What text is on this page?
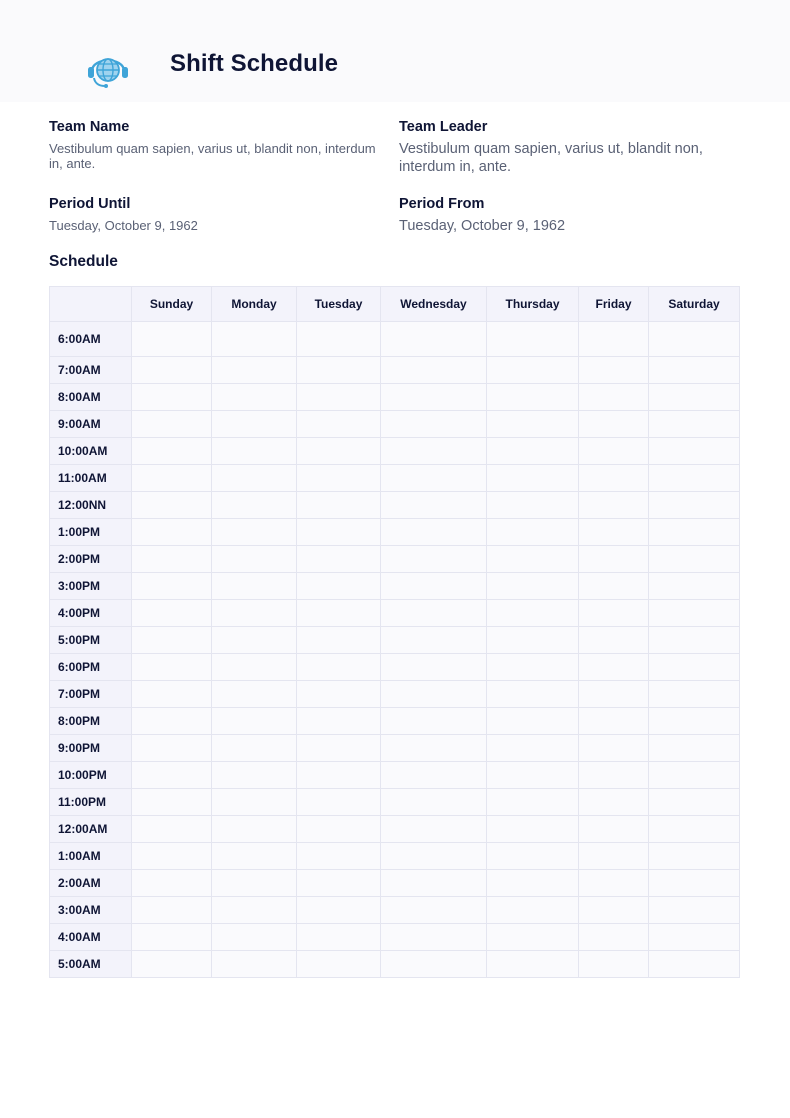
Shift Schedule

Team Name

Vestibulum quam sapien, varius ut, blandit non, interdum in, ante.

Team Leader

Vestibulum quam sapien, varius ut, blandit non, interdum in, ante.

Period Until

Tuesday, October 9, 1962

Period From

Tuesday, October 9, 1962

Schedule
	Sunday	Monday	Tuesday	Wednesday	Thursday	Friday	Saturday
6:00AM							
7:00AM							
8:00AM							
9:00AM							
10:00AM							
11:00AM							
12:00NN							
1:00PM							
2:00PM							
3:00PM							
4:00PM							
5:00PM							
6:00PM							
7:00PM							
8:00PM							
9:00PM							
10:00PM							
11:00PM							
12:00AM							
1:00AM							
2:00AM							
3:00AM							
4:00AM							
5:00AM							
